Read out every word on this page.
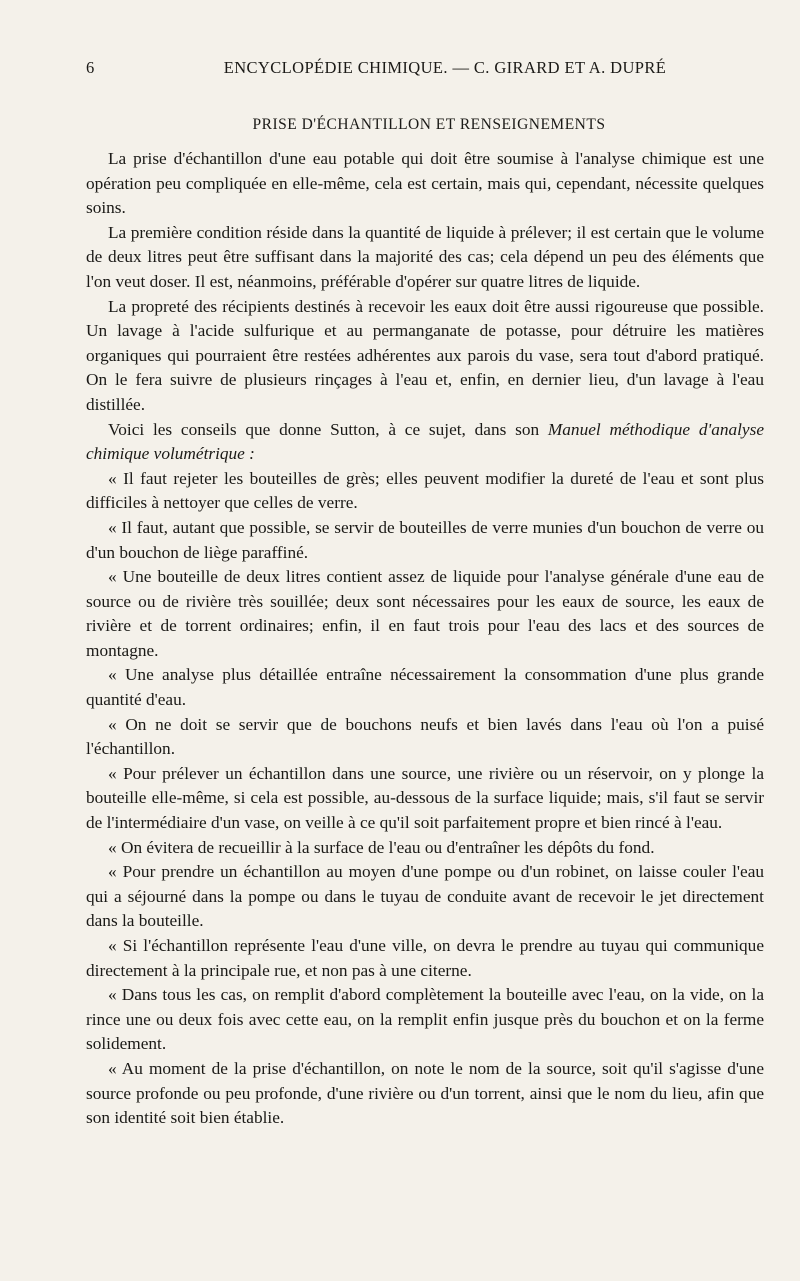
6	ENCYCLOPÉDIE CHIMIQUE. — C. GIRARD ET A. DUPRÉ
PRISE D'ÉCHANTILLON ET RENSEIGNEMENTS

La prise d'échantillon d'une eau potable qui doit être soumise à l'analyse chimique est une opération peu compliquée en elle-même, cela est certain, mais qui, cependant, nécessite quelques soins.

La première condition réside dans la quantité de liquide à prélever; il est certain que le volume de deux litres peut être suffisant dans la majorité des cas; cela dépend un peu des éléments que l'on veut doser. Il est, néanmoins, préférable d'opérer sur quatre litres de liquide.

La propreté des récipients destinés à recevoir les eaux doit être aussi rigoureuse que possible. Un lavage à l'acide sulfurique et au permanganate de potasse, pour détruire les matières organiques qui pourraient être restées adhérentes aux parois du vase, sera tout d'abord pratiqué. On le fera suivre de plusieurs rinçages à l'eau et, enfin, en dernier lieu, d'un lavage à l'eau distillée.

Voici les conseils que donne Sutton, à ce sujet, dans son Manuel méthodique d'analyse chimique volumétrique :

« Il faut rejeter les bouteilles de grès; elles peuvent modifier la dureté de l'eau et sont plus difficiles à nettoyer que celles de verre.

« Il faut, autant que possible, se servir de bouteilles de verre munies d'un bouchon de verre ou d'un bouchon de liège paraffiné.

« Une bouteille de deux litres contient assez de liquide pour l'analyse générale d'une eau de source ou de rivière très souillée; deux sont nécessaires pour les eaux de source, les eaux de rivière et de torrent ordinaires; enfin, il en faut trois pour l'eau des lacs et des sources de montagne.

« Une analyse plus détaillée entraîne nécessairement la consommation d'une plus grande quantité d'eau.

« On ne doit se servir que de bouchons neufs et bien lavés dans l'eau où l'on a puisé l'échantillon.

« Pour prélever un échantillon dans une source, une rivière ou un réservoir, on y plonge la bouteille elle-même, si cela est possible, au-dessous de la surface liquide; mais, s'il faut se servir de l'intermédiaire d'un vase, on veille à ce qu'il soit parfaitement propre et bien rincé à l'eau.

« On évitera de recueillir à la surface de l'eau ou d'entraîner les dépôts du fond.

« Pour prendre un échantillon au moyen d'une pompe ou d'un robinet, on laisse couler l'eau qui a séjourné dans la pompe ou dans le tuyau de conduite avant de recevoir le jet directement dans la bouteille.

« Si l'échantillon représente l'eau d'une ville, on devra le prendre au tuyau qui communique directement à la principale rue, et non pas à une citerne.

« Dans tous les cas, on remplit d'abord complètement la bouteille avec l'eau, on la vide, on la rince une ou deux fois avec cette eau, on la remplit enfin jusque près du bouchon et on la ferme solidement.

« Au moment de la prise d'échantillon, on note le nom de la source, soit qu'il s'agisse d'une source profonde ou peu profonde, d'une rivière ou d'un torrent, ainsi que le nom du lieu, afin que son identité soit bien établie.
